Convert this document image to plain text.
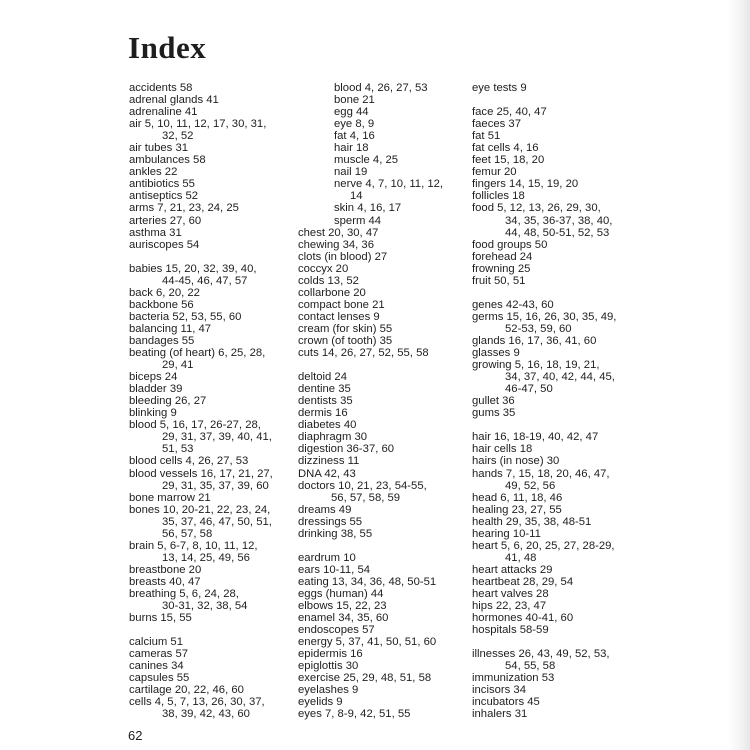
Index
accidents 58
adrenal glands 41
adrenaline 41
air 5, 10, 11, 12, 17, 30, 31,
32, 52
air tubes 31
ambulances 58
ankles 22
antibiotics 55
antiseptics 52
arms 7, 21, 23, 24, 25
arteries 27, 60
asthma 31
auriscopes 54
babies 15, 20, 32, 39, 40,
44-45, 46, 47, 57
back 6, 20, 22
backbone 56
bacteria 52, 53, 55, 60
balancing 11, 47
bandages 55
beating (of heart) 6, 25, 28,
29, 41
biceps 24
bladder 39
bleeding 26, 27
blinking 9
blood 5, 16, 17, 26-27, 28,
29, 31, 37, 39, 40, 41,
51, 53
blood cells 4, 26, 27, 53
blood vessels 16, 17, 21, 27,
29, 31, 35, 37, 39, 60
bone marrow 21
bones 10, 20-21, 22, 23, 24,
35, 37, 46, 47, 50, 51,
56, 57, 58
brain 5, 6-7, 8, 10, 11, 12,
13, 14, 25, 49, 56
breastbone 20
breasts 40, 47
breathing 5, 6, 24, 28,
30-31, 32, 38, 54
burns 15, 55
calcium 51
cameras 57
canines 34
capsules 55
cartilage 20, 22, 46, 60
cells 4, 5, 7, 13, 26, 30, 37,
38, 39, 42, 43, 60
blood 4, 26, 27, 53
bone 21
egg 44
eye 8, 9
fat 4, 16
hair 18
muscle 4, 25
nail 19
nerve 4, 7, 10, 11, 12,
14
skin 4, 16, 17
sperm 44
chest 20, 30, 47
chewing 34, 36
clots (in blood) 27
coccyx 20
colds 13, 52
collarbone 20
compact bone 21
contact lenses 9
cream (for skin) 55
crown (of tooth) 35
cuts 14, 26, 27, 52, 55, 58
deltoid 24
dentine 35
dentists 35
dermis 16
diabetes 40
diaphragm 30
digestion 36-37, 60
dizziness 11
DNA 42, 43
doctors 10, 21, 23, 54-55,
56, 57, 58, 59
dreams 49
dressings 55
drinking 38, 55
eardrum 10
ears 10-11, 54
eating 13, 34, 36, 48, 50-51
eggs (human) 44
elbows 15, 22, 23
enamel 34, 35, 60
endoscopes 57
energy 5, 37, 41, 50, 51, 60
epidermis 16
epiglottis 30
exercise 25, 29, 48, 51, 58
eyelashes 9
eyelids 9
eyes 7, 8-9, 42, 51, 55
eye tests 9
face 25, 40, 47
faeces 37
fat 51
fat cells 4, 16
feet 15, 18, 20
femur 20
fingers 14, 15, 19, 20
follicles 18
food 5, 12, 13, 26, 29, 30,
34, 35, 36-37, 38, 40,
44, 48, 50-51, 52, 53
food groups 50
forehead 24
frowning 25
fruit 50, 51
genes 42-43, 60
germs 15, 16, 26, 30, 35, 49,
52-53, 59, 60
glands 16, 17, 36, 41, 60
glasses 9
growing 5, 16, 18, 19, 21,
34, 37, 40, 42, 44, 45,
46-47, 50
gullet 36
gums 35
hair 16, 18-19, 40, 42, 47
hair cells 18
hairs (in nose) 30
hands 7, 15, 18, 20, 46, 47,
49, 52, 56
head 6, 11, 18, 46
healing 23, 27, 55
health 29, 35, 38, 48-51
hearing 10-11
heart 5, 6, 20, 25, 27, 28-29,
41, 48
heart attacks 29
heartbeat 28, 29, 54
heart valves 28
hips 22, 23, 47
hormones 40-41, 60
hospitals 58-59
illnesses 26, 43, 49, 52, 53,
54, 55, 58
immunization 53
incisors 34
incubators 45
inhalers 31
62
